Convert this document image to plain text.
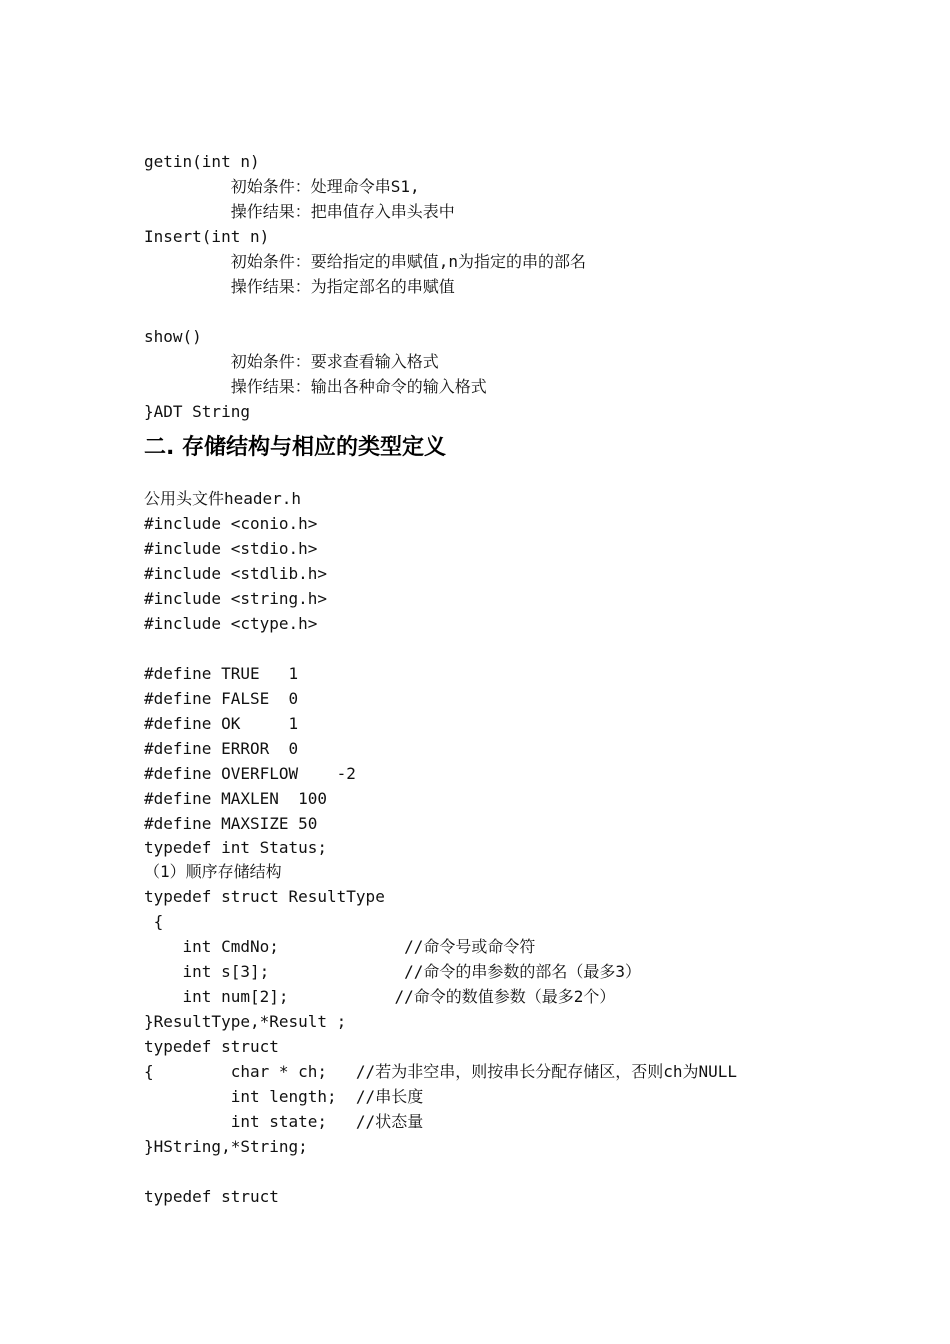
getin(int n)
初始条件：处理命令串S1,
操作结果：把串值存入串头表中
Insert(int n)
初始条件：要给指定的串赋值,n为指定的串的部名
操作结果：为指定部名的串赋值
show()
初始条件：要求查看输入格式
操作结果：输出各种命令的输入格式
}ADT String
二. 存储结构与相应的类型定义
公用头文件header.h
#include <conio.h>
#include <stdio.h>
#include <stdlib.h>
#include <string.h>
#include <ctype.h>
#define TRUE   1
#define FALSE  0
#define OK     1
#define ERROR  0
#define OVERFLOW    -2
#define MAXLEN  100
#define MAXSIZE 50
typedef int Status;
（1）顺序存储结构
typedef struct ResultType
{
int CmdNo;             //命令号或命令符
int s[3];              //命令的串参数的部名（最多3）
int num[2];           //命令的数值参数（最多2个）
}ResultType,*Result ;
typedef struct
{        char * ch;   //若为非空串，则按串长分配存储区，否则ch为NULL
int length;  //串长度
int state;   //状态量
}HString,*String;
typedef struct
